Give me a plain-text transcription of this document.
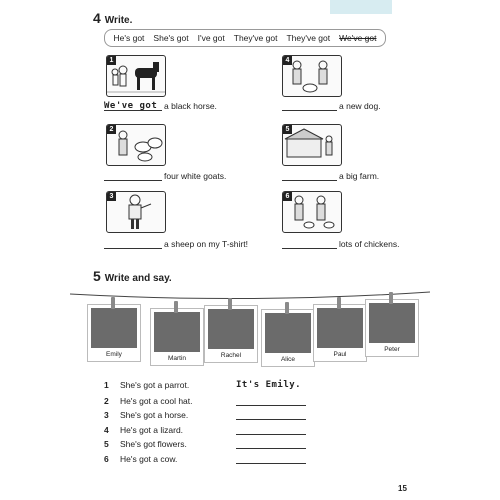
4 Write.
He's got She's got I've got They've got They've got We've got
1
We've got a black horse.
2
four white goats.
3
a sheep on my T-shirt!
4
a new dog.
5
a big farm.
6
lots of chickens.
5 Write and say.
Emily
Martin	Rachel
Alice
Paul
Peter
1	She's got a parrot.	It's Emily.
2	He's got a cool hat.
3	She's got a horse.
4	He's got a lizard.
5	She's got flowers.
6	He's got a cow.
15
